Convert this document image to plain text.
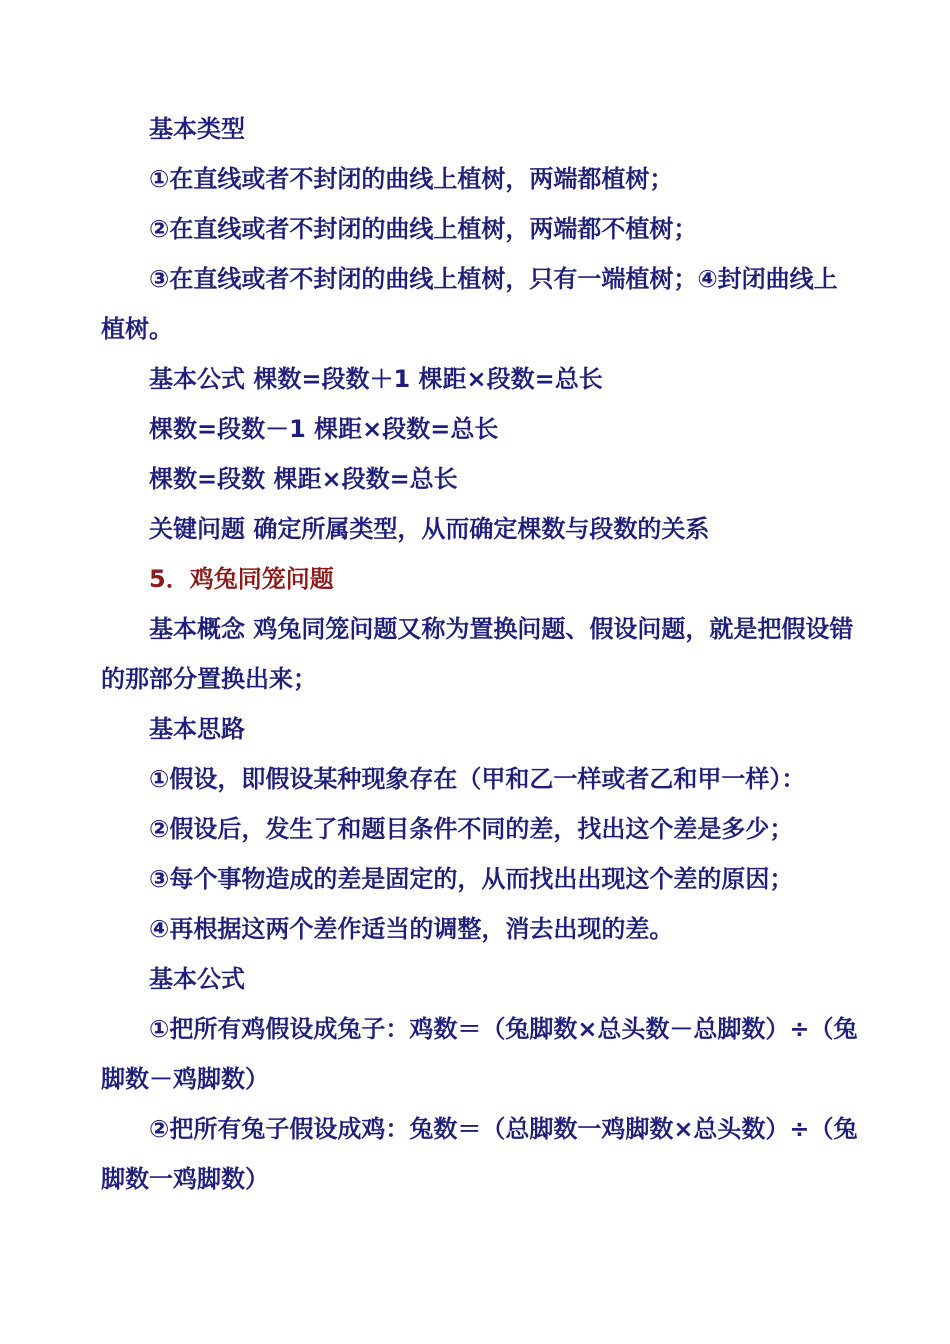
基本类型

①在直线或者不封闭的曲线上植树，两端都植树；

②在直线或者不封闭的曲线上植树，两端都不植树；

③在直线或者不封闭的曲线上植树，只有一端植树；④封闭曲线上植树。

基本公式 棵数=段数＋1 棵距×段数=总长

棵数=段数－1 棵距×段数=总长

棵数=段数 棵距×段数=总长

关键问题 确定所属类型，从而确定棵数与段数的关系

5．鸡兔同笼问题

基本概念 鸡兔同笼问题又称为置换问题、假设问题，就是把假设错的那部分置换出来；

基本思路

①假设，即假设某种现象存在（甲和乙一样或者乙和甲一样）：

②假设后，发生了和题目条件不同的差，找出这个差是多少；

③每个事物造成的差是固定的，从而找出出现这个差的原因；

④再根据这两个差作适当的调整，消去出现的差。

基本公式

①把所有鸡假设成兔子：鸡数＝（兔脚数×总头数－总脚数）÷（兔脚数－鸡脚数）

②把所有兔子假设成鸡：兔数＝（总脚数一鸡脚数×总头数）÷（兔脚数一鸡脚数）
